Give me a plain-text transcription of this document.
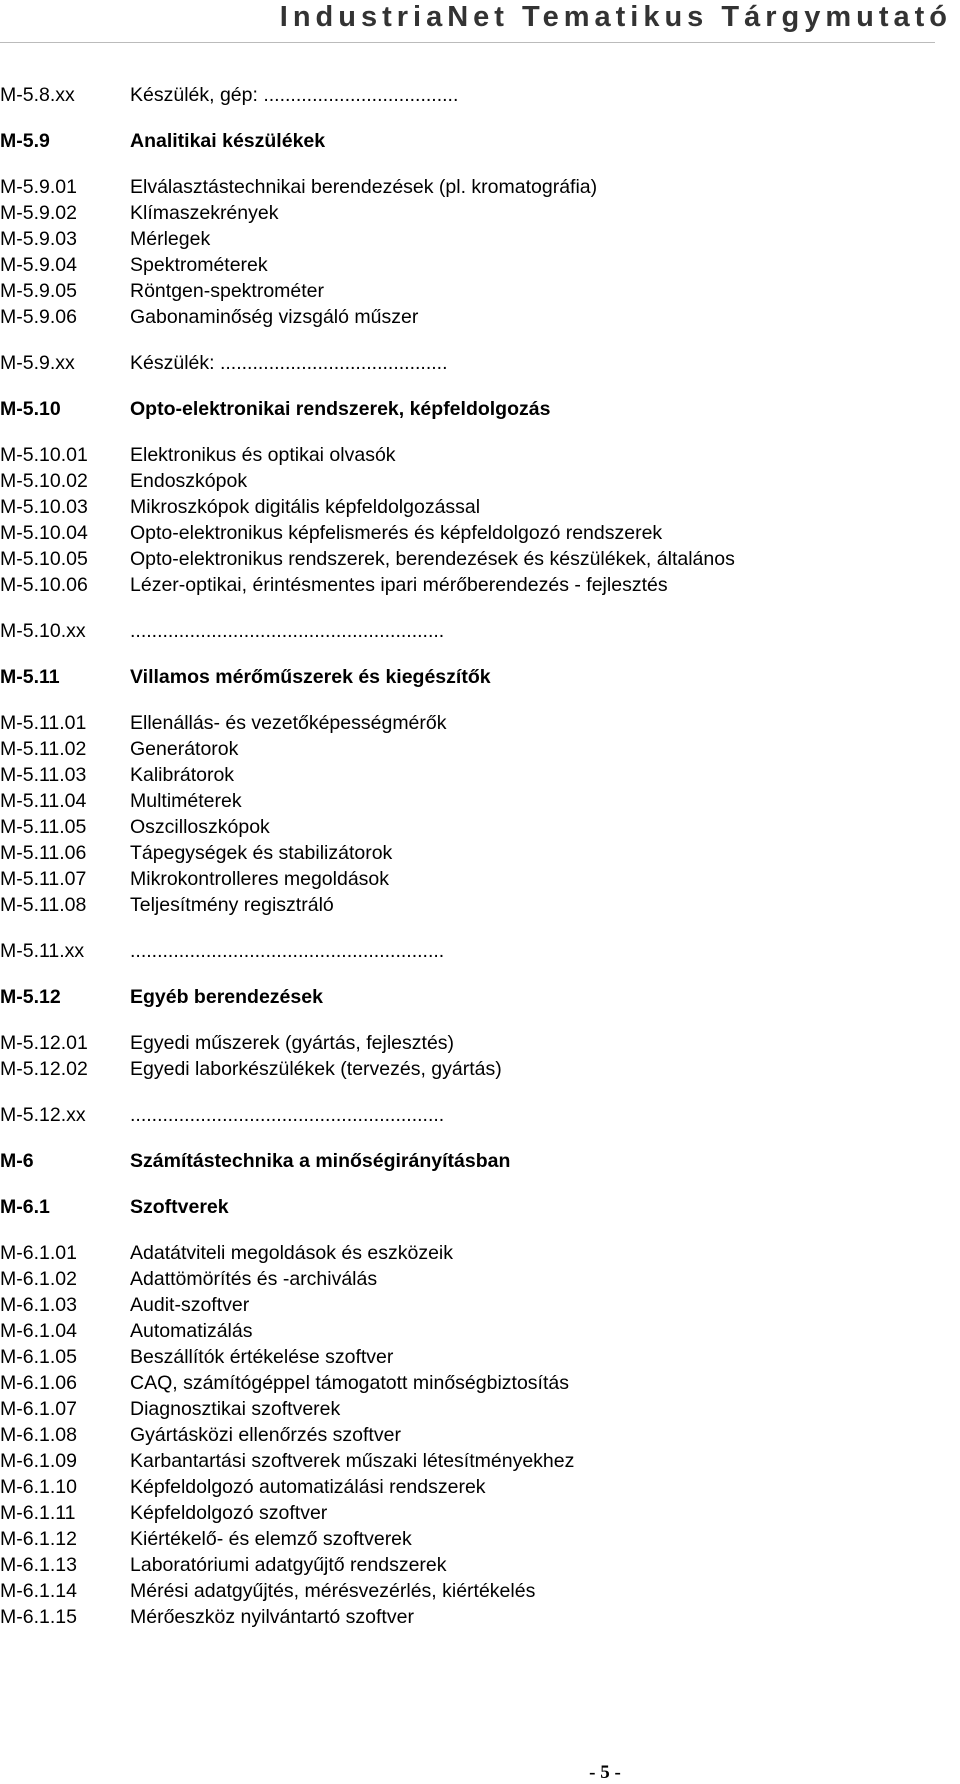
IndustriaNet Tematikus Tárgymutató
M-5.8.xx	Készülék, gép: ....................................
M-5.9	Analitikai készülékek
M-5.9.01	Elválasztástechnikai berendezések (pl. kromatográfia)
M-5.9.02	Klímaszekrények
M-5.9.03	Mérlegek
M-5.9.04	Spektrométerek
M-5.9.05	Röntgen-spektrométer
M-5.9.06	Gabonaminőség vizsgáló műszer
M-5.9.xx	Készülék: ..........................................
M-5.10	Opto-elektronikai rendszerek, képfeldolgozás
M-5.10.01	Elektronikus és optikai olvasók
M-5.10.02	Endoszkópok
M-5.10.03	Mikroszkópok digitális képfeldolgozással
M-5.10.04	Opto-elektronikus képfelismerés és képfeldolgozó rendszerek
M-5.10.05	Opto-elektronikus rendszerek, berendezések és készülékek, általános
M-5.10.06	Lézer-optikai, érintésmentes ipari mérőberendezés - fejlesztés
M-5.10.xx	..........................................................
M-5.11	Villamos mérőműszerek és kiegészítők
M-5.11.01	Ellenállás- és vezetőképességmérők
M-5.11.02	Generátorok
M-5.11.03	Kalibrátorok
M-5.11.04	Multiméterek
M-5.11.05	Oszcilloszkópok
M-5.11.06	Tápegységek és stabilizátorok
M-5.11.07	Mikrokontrolleres megoldások
M-5.11.08	Teljesítmény regisztráló
M-5.11.xx	..........................................................
M-5.12	Egyéb berendezések
M-5.12.01	Egyedi műszerek (gyártás, fejlesztés)
M-5.12.02	Egyedi laborkészülékek (tervezés, gyártás)
M-5.12.xx	..........................................................
M-6	Számítástechnika a minőségirányításban
M-6.1	Szoftverek
M-6.1.01	Adatátviteli megoldások és eszközeik
M-6.1.02	Adattömörítés és -archiválás
M-6.1.03	Audit-szoftver
M-6.1.04	Automatizálás
M-6.1.05	Beszállítók értékelése szoftver
M-6.1.06	CAQ, számítógéppel támogatott minőségbiztosítás
M-6.1.07	Diagnosztikai szoftverek
M-6.1.08	Gyártásközi ellenőrzés szoftver
M-6.1.09	Karbantartási szoftverek műszaki létesítményekhez
M-6.1.10	Képfeldolgozó automatizálási rendszerek
M-6.1.11	Képfeldolgozó szoftver
M-6.1.12	Kiértékelő- és elemző szoftverek
M-6.1.13	Laboratóriumi adatgyűjtő rendszerek
M-6.1.14	Mérési adatgyűjtés, mérésvezérlés, kiértékelés
M-6.1.15	Mérőeszköz nyilvántartó szoftver
- 5 -
